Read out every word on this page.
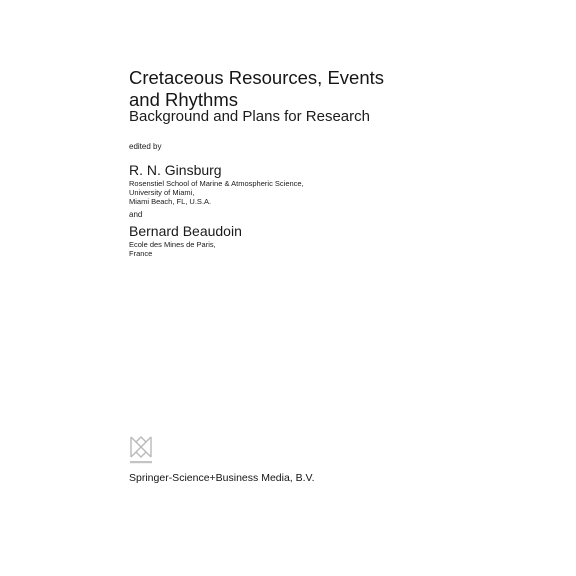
Cretaceous Resources, Events
and Rhythms
Background and Plans for Research
edited by
R. N. Ginsburg
Rosenstiel School of Marine & Atmospheric Science,
University of Miami,
Miami Beach, FL, U.S.A.
and
Bernard Beaudoin
Ecole des Mines de Paris,
France
Springer-Science+Business Media, B.V.
